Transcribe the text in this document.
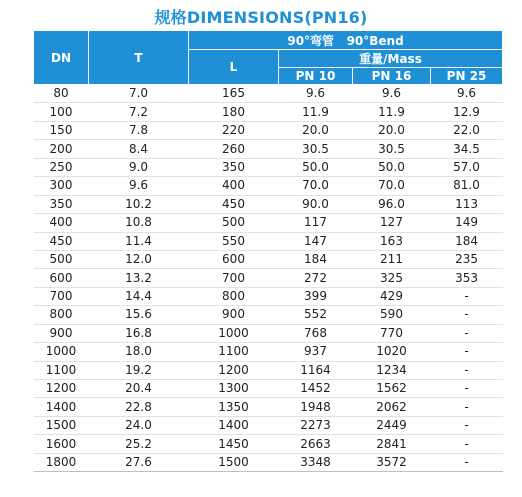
规格DIMENSIONS(PN16)
DN	T	90°弯管   90°Bend			
		L	重量/Mass		
			PN 10	PN 16	PN 25
80	7.0	165	9.6	9.6	9.6
100	7.2	180	11.9	11.9	12.9
150	7.8	220	20.0	20.0	22.0
200	8.4	260	30.5	30.5	34.5
250	9.0	350	50.0	50.0	57.0
300	9.6	400	70.0	70.0	81.0
350	10.2	450	90.0	96.0	113
400	10.8	500	117	127	149
450	11.4	550	147	163	184
500	12.0	600	184	211	235
600	13.2	700	272	325	353
700	14.4	800	399	429	-
800	15.6	900	552	590	-
900	16.8	1000	768	770	-
1000	18.0	1100	937	1020	-
1100	19.2	1200	1164	1234	-
1200	20.4	1300	1452	1562	-
1400	22.8	1350	1948	2062	-
1500	24.0	1400	2273	2449	-
1600	25.2	1450	2663	2841	-
1800	27.6	1500	3348	3572	-
